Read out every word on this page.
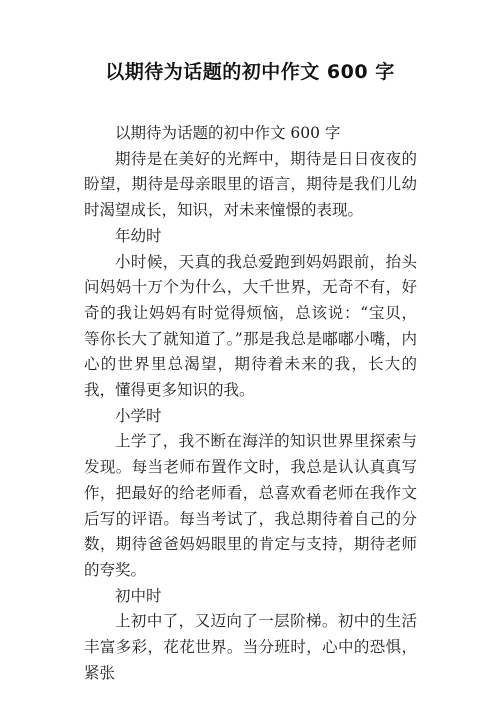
以期待为话题的初中作文 600 字

以期待为话题的初中作文 600 字

期待是在美好的光辉中，期待是日日夜夜的盼望，期待是母亲眼里的语言，期待是我们儿幼时渴望成长，知识，对未来憧憬的表现。

年幼时

小时候，天真的我总爱跑到妈妈跟前，抬头问妈妈十万个为什么，大千世界，无奇不有，好奇的我让妈妈有时觉得烦恼，总该说：“宝贝，等你长大了就知道了。”那是我总是嘟嘟小嘴，内心的世界里总渴望，期待着未来的我，长大的我，懂得更多知识的我。

小学时

上学了，我不断在海洋的知识世界里探索与发现。每当老师布置作文时，我总是认认真真写作，把最好的给老师看，总喜欢看老师在我作文后写的评语。每当考试了，我总期待着自己的分数，期待爸爸妈妈眼里的肯定与支持，期待老师的夸奖。

初中时

上初中了，又迈向了一层阶梯。初中的生活丰富多彩，花花世界。当分班时，心中的恐惧，紧张
